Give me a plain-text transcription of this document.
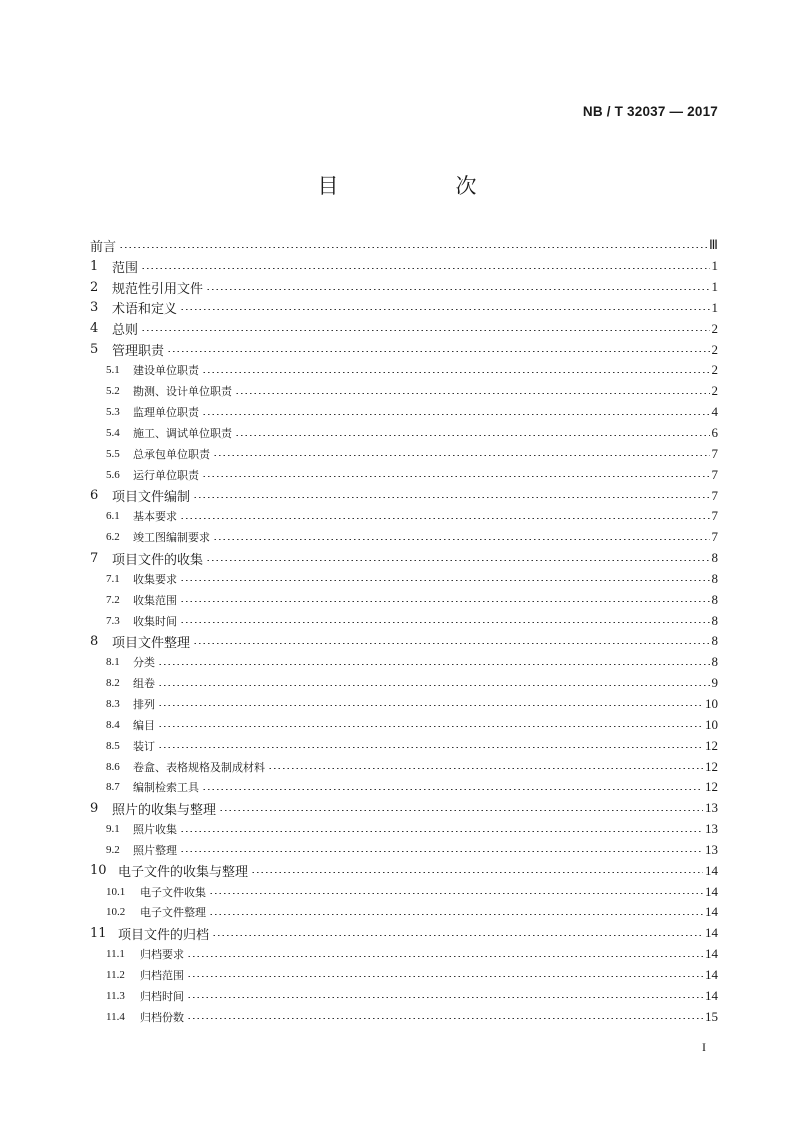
NB / T 32037 — 2017
目　次
前言	Ⅲ
1	范围	1
2	规范性引用文件	1
3	术语和定义	1
4	总则	2
5	管理职责	2
5.1	建设单位职责	2
5.2	勘测、设计单位职责	2
5.3	监理单位职责	4
5.4	施工、调试单位职责	6
5.5	总承包单位职责	7
5.6	运行单位职责	7
6	项目文件编制	7
6.1	基本要求	7
6.2	竣工图编制要求	7
7	项目文件的收集	8
7.1	收集要求	8
7.2	收集范围	8
7.3	收集时间	8
8	项目文件整理	8
8.1	分类	8
8.2	组卷	9
8.3	排列	10
8.4	编目	10
8.5	装订	12
8.6	卷盒、表格规格及制成材料	12
8.7	编制检索工具	12
9	照片的收集与整理	13
9.1	照片收集	13
9.2	照片整理	13
10 电子文件的收集与整理	14
10.1	电子文件收集	14
10.2	电子文件整理	14
11 项目文件的归档	14
11.1	归档要求	14
11.2	归档范围	14
11.3	归档时间	14
11.4	归档份数	15
I
